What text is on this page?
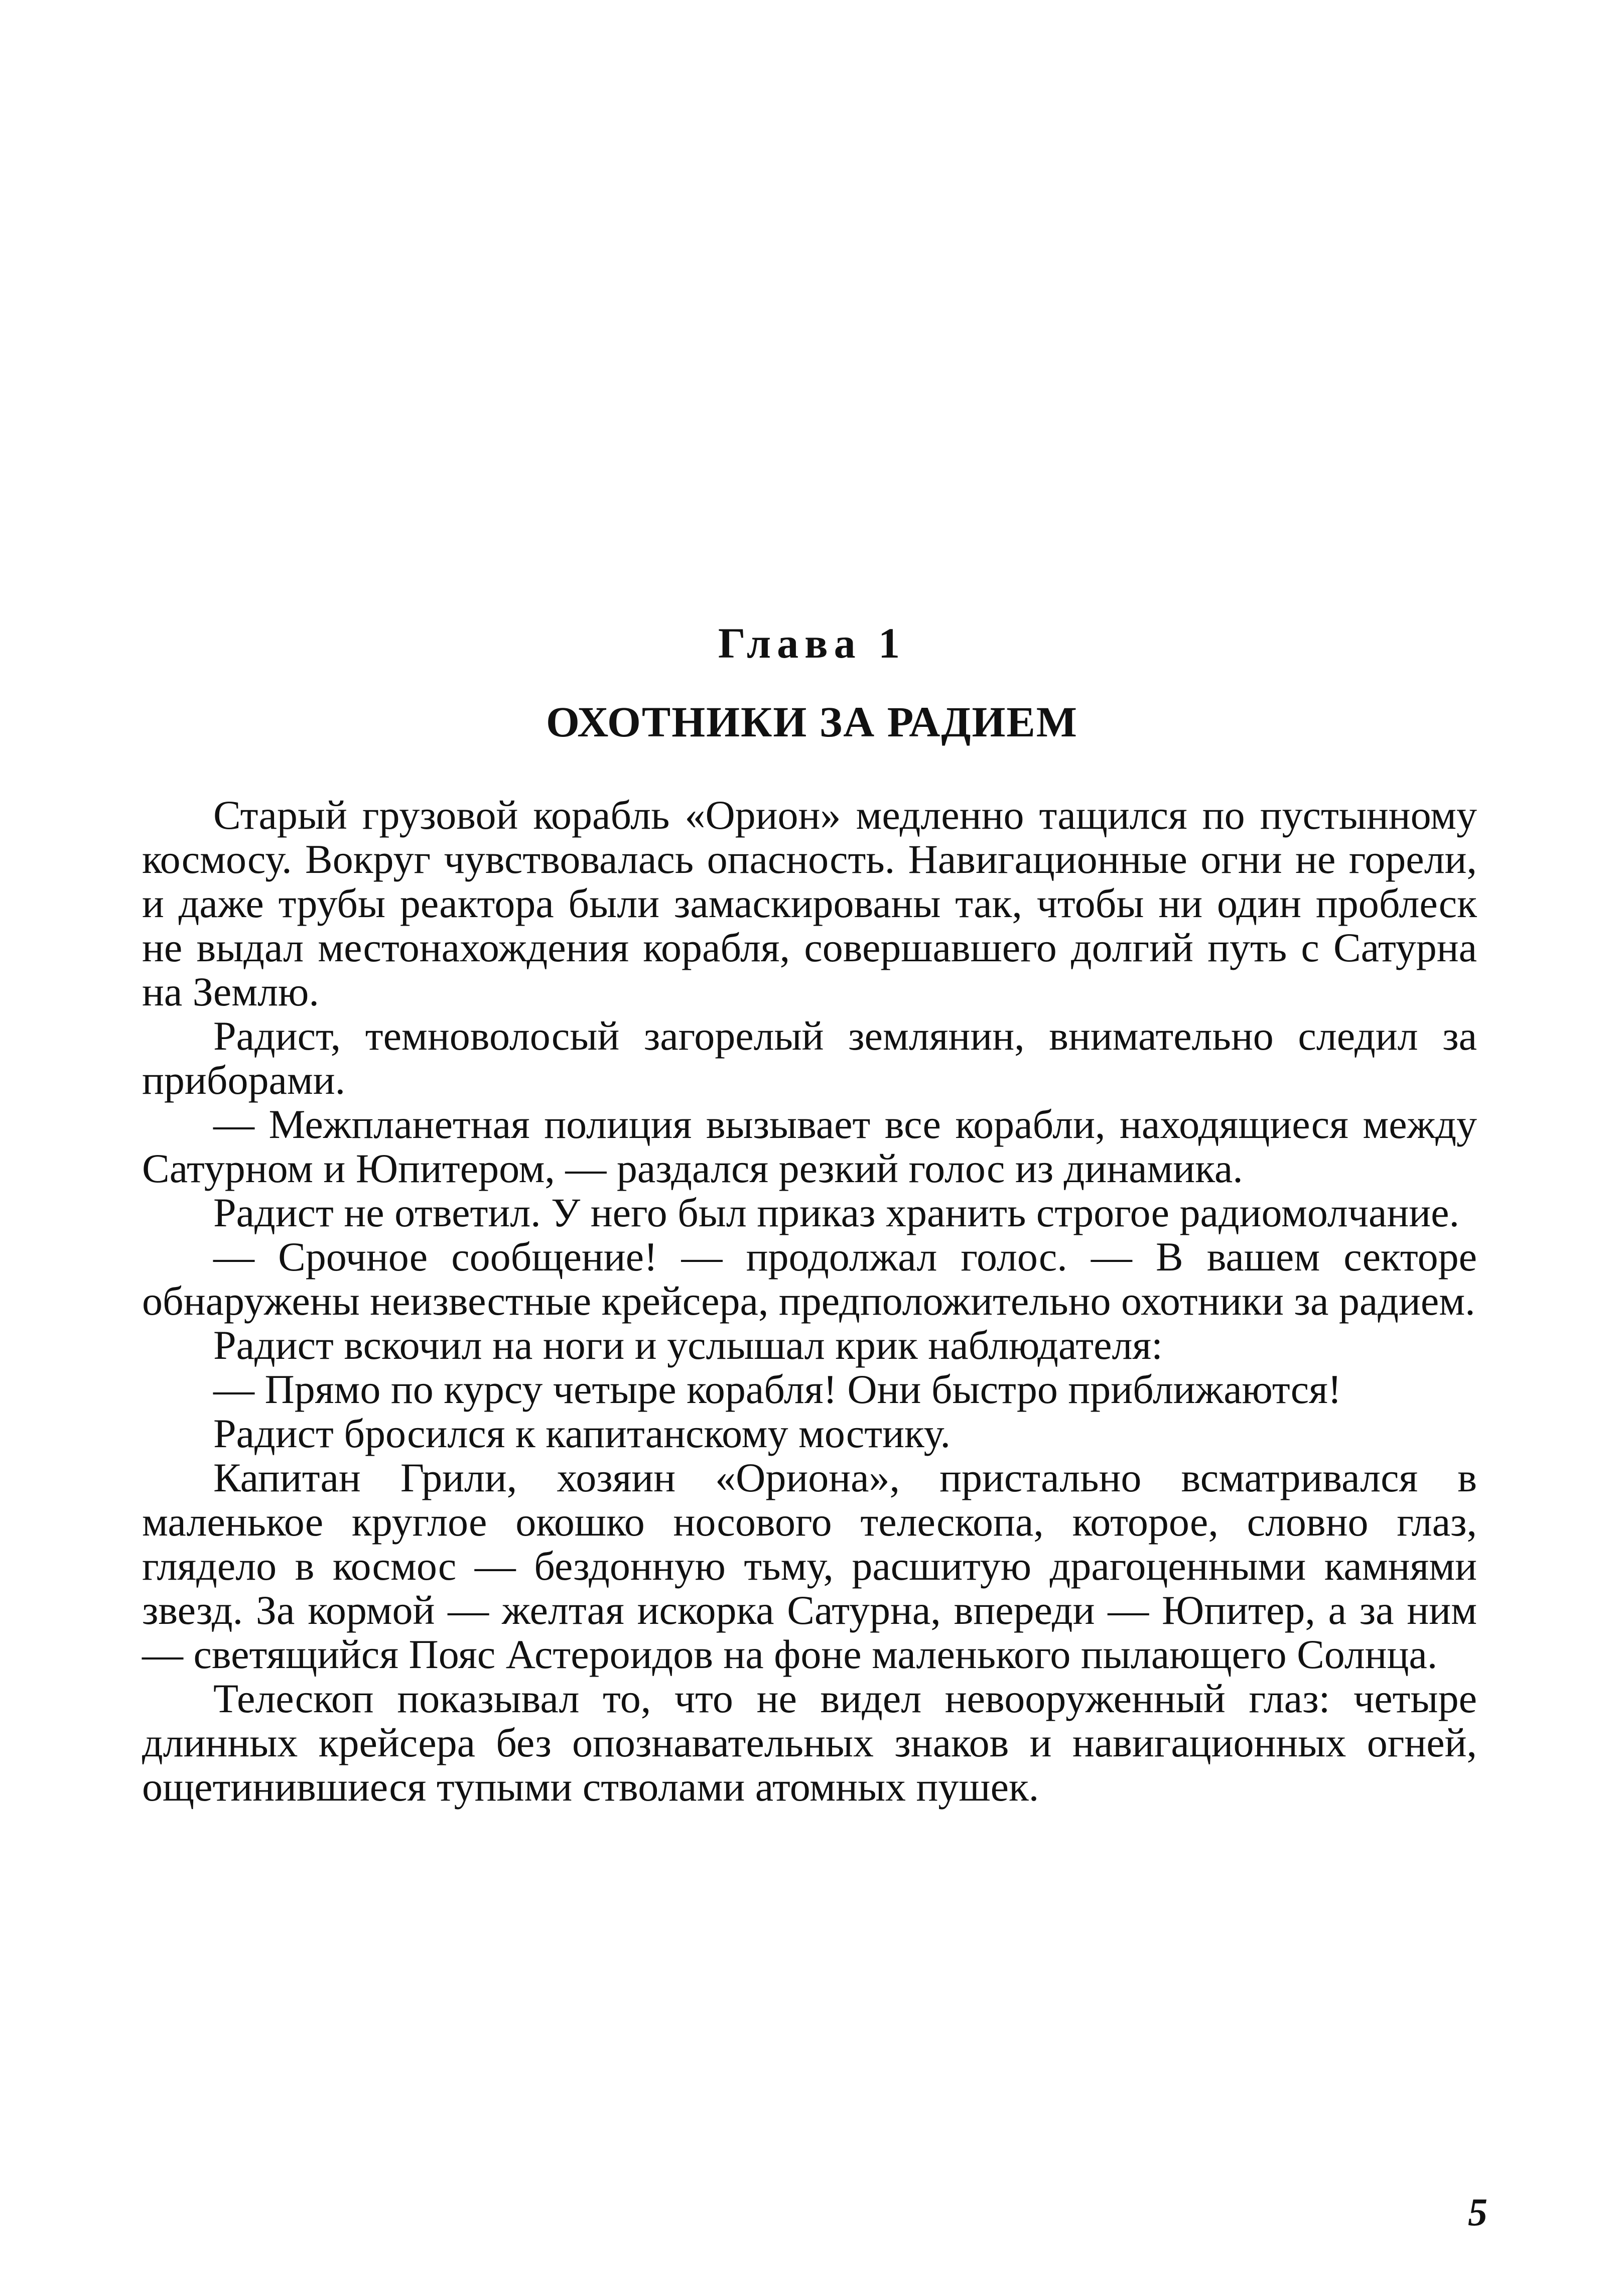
Глава 1
ОХОТНИКИ ЗА РАДИЕМ

Старый грузовой корабль «Орион» медленно тащился по пустынному космосу. Вокруг чувствовалась опасность. Навигационные огни не горели, и даже трубы реактора были замаскированы так, чтобы ни один проблеск не выдал местонахождения корабля, совершавшего долгий путь с Сатурна на Землю.

Радист, темноволосый загорелый землянин, внимательно следил за приборами.

— Межпланетная полиция вызывает все корабли, находящиеся между Сатурном и Юпитером, — раздался резкий голос из динамика.

Радист не ответил. У него был приказ хранить строгое радиомолчание.

— Срочное сообщение! — продолжал голос. — В вашем секторе обнаружены неизвестные крейсера, предположительно охотники за радием.

Радист вскочил на ноги и услышал крик наблюдателя:

— Прямо по курсу четыре корабля! Они быстро приближаются!

Радист бросился к капитанскому мостику.

Капитан Грили, хозяин «Ориона», пристально всматривался в маленькое круглое окошко носового телескопа, которое, словно глаз, глядело в космос — бездонную тьму, расшитую драгоценными камнями звезд. За кормой — желтая искорка Сатурна, впереди — Юпитер, а за ним — светящийся Пояс Астероидов на фоне маленького пылающего Солнца.

Телескоп показывал то, что не видел невооруженный глаз: четыре длинных крейсера без опознавательных знаков и навигационных огней, ощетинившиеся тупыми стволами атомных пушек.

5
